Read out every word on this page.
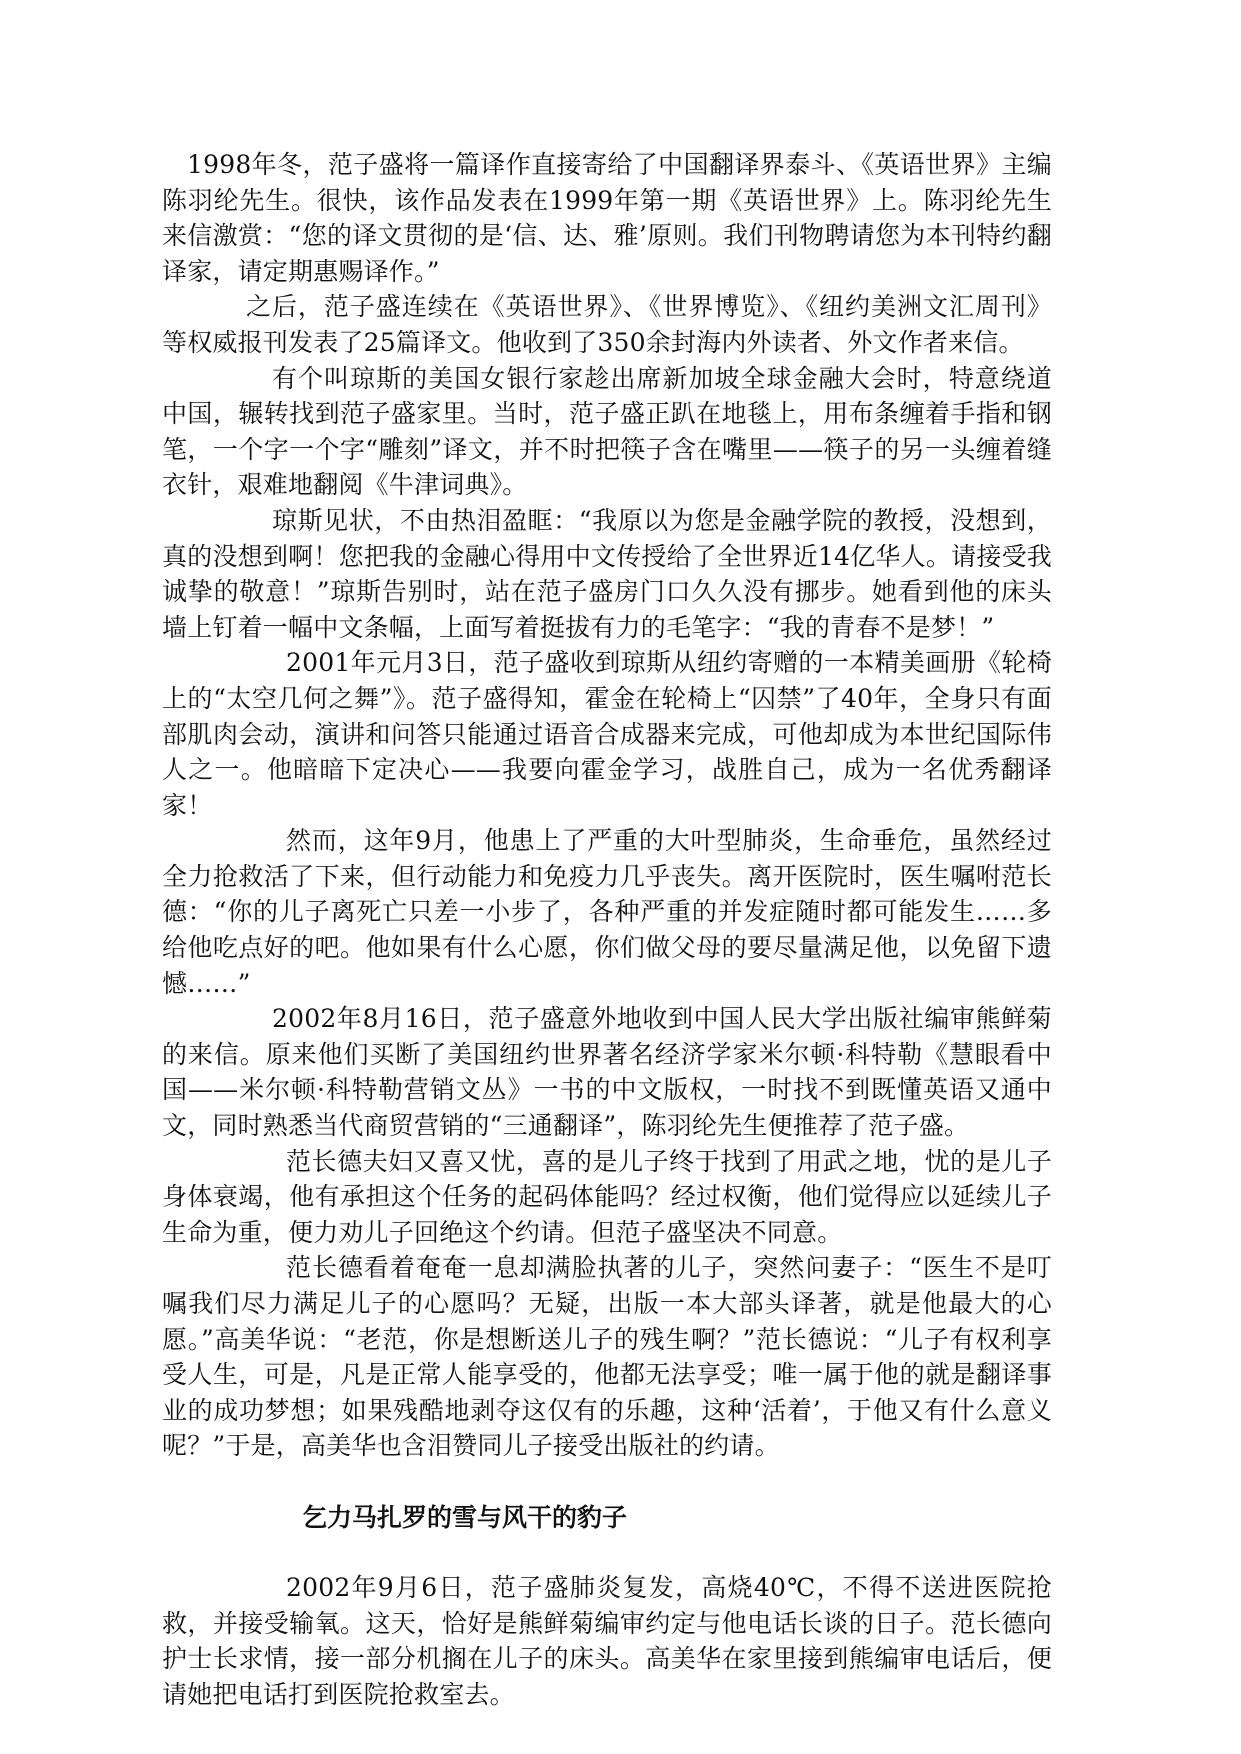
1998年冬，范子盛将一篇译作直接寄给了中国翻译界泰斗、《英语世界》主编陈羽纶先生。很快，该作品发表在1999年第一期《英语世界》上。陈羽纶先生来信激赏：“您的译文贯彻的是‘信、达、雅’原则。我们刊物聘请您为本刊特约翻译家，请定期惠赐译作。”

之后，范子盛连续在《英语世界》、《世界博览》、《纽约美洲文汇周刊》等权威报刊发表了25篇译文。他收到了350余封海内外读者、外文作者来信。

有个叫琼斯的美国女银行家趁出席新加坡全球金融大会时，特意绕道中国，辗转找到范子盛家里。当时，范子盛正趴在地毯上，用布条缠着手指和钢笔，一个字一个字“雕刻”译文，并不时把筷子含在嘴里——筷子的另一头缠着缝衣针，艰难地翻阅《牛津词典》。

琼斯见状，不由热泪盈眶：“我原以为您是金融学院的教授，没想到，真的没想到啊！您把我的金融心得用中文传授给了全世界近14亿华人。请接受我诚挚的敬意！”琼斯告别时，站在范子盛房门口久久没有挪步。她看到他的床头墙上钉着一幅中文条幅，上面写着挺拔有力的毛笔字：“我的青春不是梦！”

2001年元月3日，范子盛收到琼斯从纽约寄赠的一本精美画册《轮椅上的“太空几何之舞”》。范子盛得知，霍金在轮椅上“囚禁”了40年，全身只有面部肌肉会动，演讲和问答只能通过语音合成器来完成，可他却成为本世纪国际伟人之一。他暗暗下定决心——我要向霍金学习，战胜自己，成为一名优秀翻译家！

然而，这年9月，他患上了严重的大叶型肺炎，生命垂危，虽然经过全力抢救活了下来，但行动能力和免疫力几乎丧失。离开医院时，医生嘱咐范长德：“你的儿子离死亡只差一小步了，各种严重的并发症随时都可能发生……多给他吃点好的吧。他如果有什么心愿，你们做父母的要尽量满足他，以免留下遗憾……”

2002年8月16日，范子盛意外地收到中国人民大学出版社编审熊鲜菊的来信。原来他们买断了美国纽约世界著名经济学家米尔顿·科特勒《慧眼看中国——米尔顿·科特勒营销文丛》一书的中文版权，一时找不到既懂英语又通中文，同时熟悉当代商贸营销的“三通翻译”，陈羽纶先生便推荐了范子盛。

范长德夫妇又喜又忧，喜的是儿子终于找到了用武之地，忧的是儿子身体衰竭，他有承担这个任务的起码体能吗？经过权衡，他们觉得应以延续儿子生命为重，便力劝儿子回绝这个约请。但范子盛坚决不同意。

范长德看着奄奄一息却满脸执著的儿子，突然问妻子：“医生不是叮嘱我们尽力满足儿子的心愿吗？无疑，出版一本大部头译著，就是他最大的心愿。”高美华说：“老范，你是想断送儿子的残生啊？”范长德说：“儿子有权利享受人生，可是，凡是正常人能享受的，他都无法享受；唯一属于他的就是翻译事业的成功梦想；如果残酷地剥夺这仅有的乐趣，这种‘活着’，于他又有什么意义呢？”于是，高美华也含泪赞同儿子接受出版社的约请。

乞力马扎罗的雪与风干的豹子

2002年9月6日，范子盛肺炎复发，高烧40℃，不得不送进医院抢救，并接受输氧。这天，恰好是熊鲜菊编审约定与他电话长谈的日子。范长德向护士长求情，接一部分机搁在儿子的床头。高美华在家里接到熊编审电话后，便请她把电话打到医院抢救室去。
